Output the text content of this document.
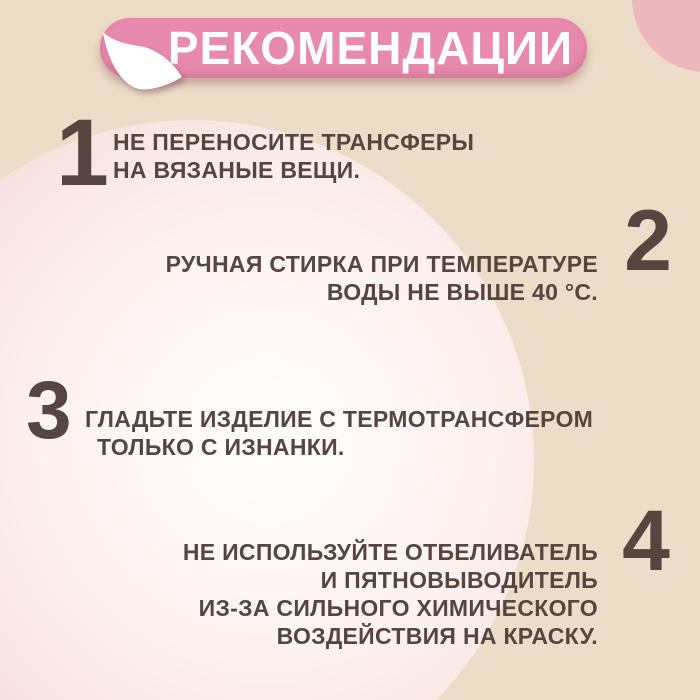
РЕКОМЕНДАЦИИ
1 НЕ ПЕРЕНОСИТЕ ТРАНСФЕРЫ
НА ВЯЗАНЫЕ ВЕЩИ.
2
РУЧНАЯ СТИРКА ПРИ ТЕМПЕРАТУРЕ
ВОДЫ НЕ ВЫШЕ 40 °С.
3 ГЛАДЬТЕ ИЗДЕЛИЕ С ТЕРМОТРАНСФЕРОМ
ТОЛЬКО С ИЗНАНКИ.
4
НЕ ИСПОЛЬЗУЙТЕ ОТБЕЛИВАТЕЛЬ
И ПЯТНОВЫВОДИТЕЛЬ
ИЗ-ЗА СИЛЬНОГО ХИМИЧЕСКОГО
ВОЗДЕЙСТВИЯ НА КРАСКУ.
